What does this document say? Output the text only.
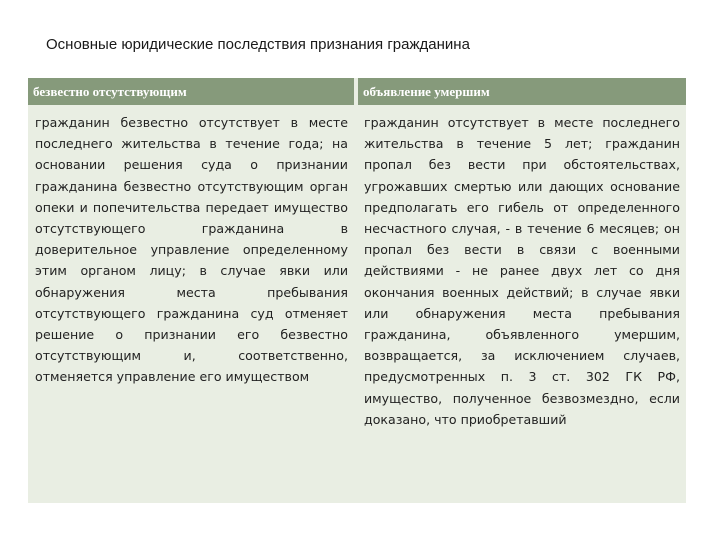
Основные юридические последствия признания гражданина
безвестно отсутствующим	объявление умершим
гражданин безвестно отсутствует в месте последнего жительства в течение года; на основании решения суда о признании гражданина безвестно отсутствующим орган опеки и попечительства передает имущество отсутствующего гражданина в доверительное управление определенному этим органом лицу; в случае явки или обнаружения места пребывания отсутствующего гражданина суд отменяет решение о признании его безвестно отсутствующим и, соответственно, отменяется управление его имуществом
гражданин отсутствует в месте последнего жительства в течение 5 лет; гражданин пропал без вести при обстоятельствах, угрожавших смертью или дающих основание предполагать его гибель от определенного несчастного случая, - в течение 6 месяцев; он пропал без вести в связи с военными действиями - не ранее двух лет со дня окончания военных действий; в случае явки или обнаружения места пребывания гражданина, объявленного умершим, возвращается, за исключением случаев, предусмотренных п. 3 ст. 302 ГК РФ, имущество, полученное безвозмездно, если доказано, что приобретавший
